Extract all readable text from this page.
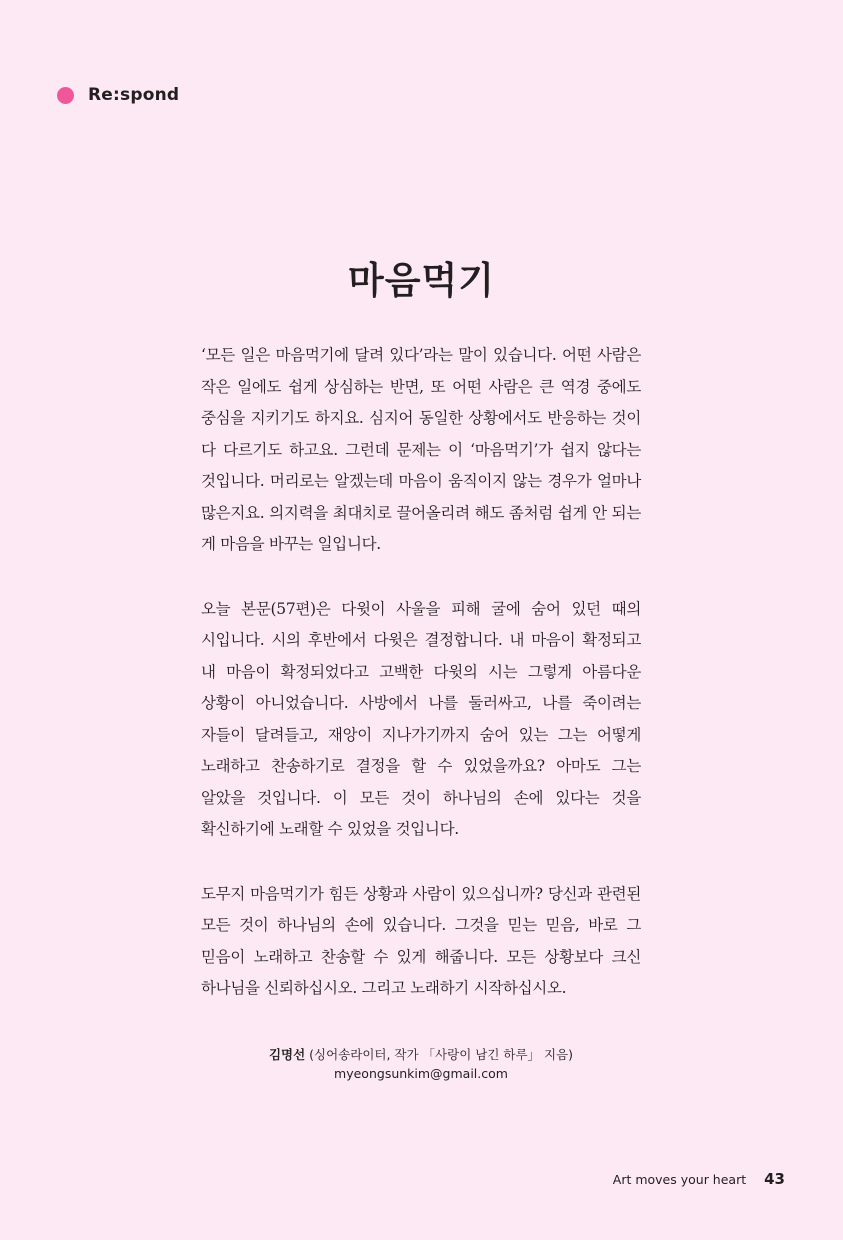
Re:spond
마음먹기

‘모든 일은 마음먹기에 달려 있다’라는 말이 있습니다. 어떤 사람은 작은 일에도 쉽게 상심하는 반면, 또 어떤 사람은 큰 역경 중에도 중심을 지키기도 하지요. 심지어 동일한 상황에서도 반응하는 것이 다 다르기도 하고요. 그런데 문제는 이 ‘마음먹기’가 쉽지 않다는 것입니다. 머리로는 알겠는데 마음이 움직이지 않는 경우가 얼마나 많은지요. 의지력을 최대치로 끌어올리려 해도 좀처럼 쉽게 안 되는 게 마음을 바꾸는 일입니다.

오늘 본문(57편)은 다윗이 사울을 피해 굴에 숨어 있던 때의 시입니다. 시의 후반에서 다윗은 결정합니다. 내 마음이 확정되고 내 마음이 확정되었다고 고백한 다윗의 시는 그렇게 아름다운 상황이 아니었습니다. 사방에서 나를 둘러싸고, 나를 죽이려는 자들이 달려들고, 재앙이 지나가기까지 숨어 있는 그는 어떻게 노래하고 찬송하기로 결정을 할 수 있었을까요? 아마도 그는 알았을 것입니다. 이 모든 것이 하나님의 손에 있다는 것을 확신하기에 노래할 수 있었을 것입니다.

도무지 마음먹기가 힘든 상황과 사람이 있으십니까? 당신과 관련된 모든 것이 하나님의 손에 있습니다. 그것을 믿는 믿음, 바로 그 믿음이 노래하고 찬송할 수 있게 해줍니다. 모든 상황보다 크신 하나님을 신뢰하십시오. 그리고 노래하기 시작하십시오.

김명선 (싱어송라이터, 작가 「사랑이 남긴 하루」 지음)
myeongsunkim@gmail.com
Art moves your heart 43
